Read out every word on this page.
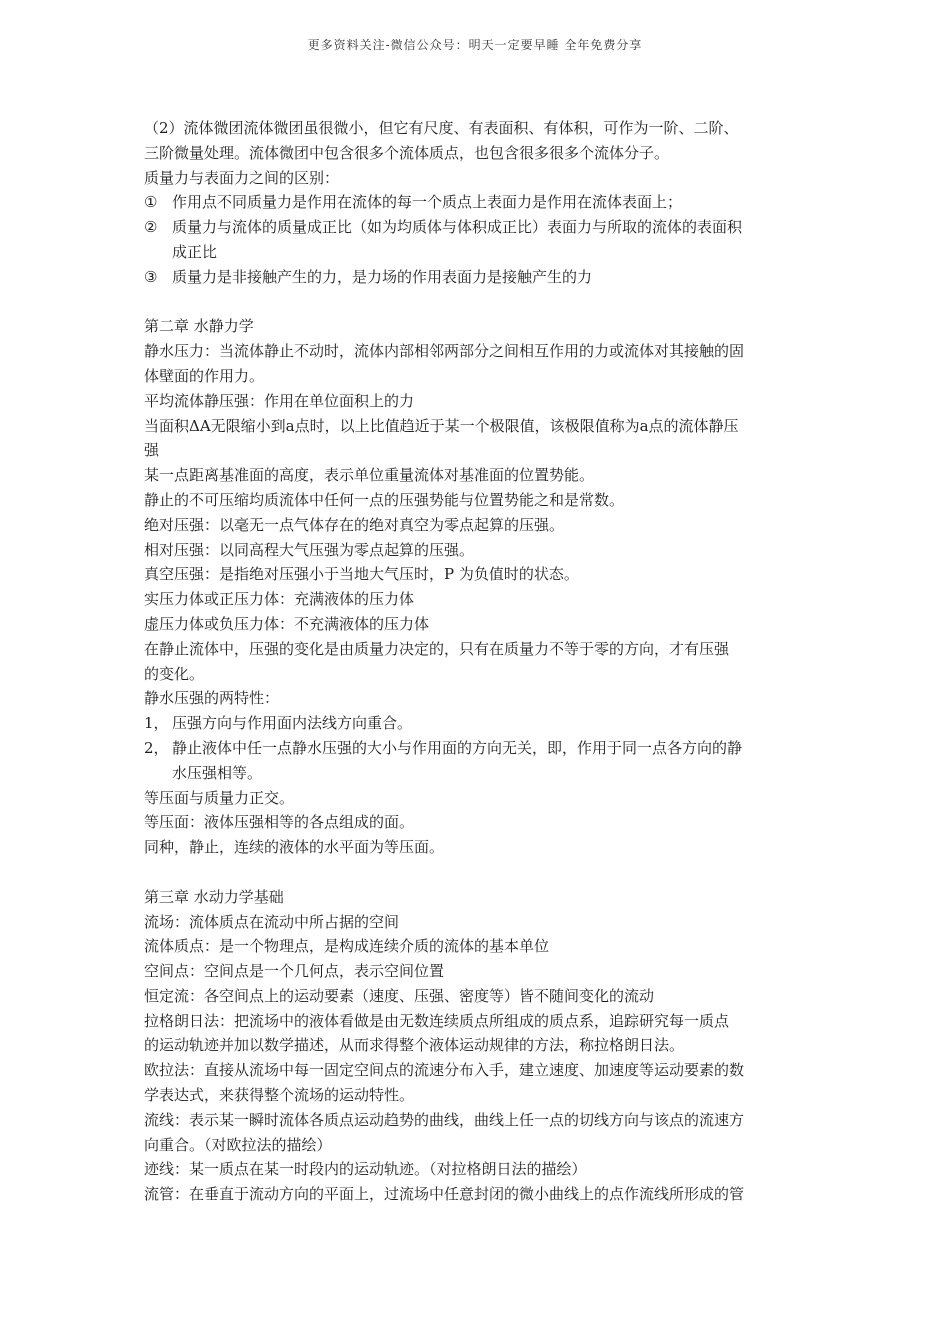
更多资料关注-微信公众号：明天一定要早睡 全年免费分享
（2）流体微团流体微团虽很微小，但它有尺度、有表面积、有体积，可作为一阶、二阶、
三阶微量处理。流体微团中包含很多个流体质点，也包含很多很多个流体分子。
质量力与表面力之间的区别：
① 作用点不同质量力是作用在流体的每一个质点上表面力是作用在流体表面上；
② 质量力与流体的质量成正比（如为均质体与体积成正比）表面力与所取的流体的表面积
成正比
③ 质量力是非接触产生的力，是力场的作用表面力是接触产生的力
第二章 水静力学
静水压力：当流体静止不动时，流体内部相邻两部分之间相互作用的力或流体对其接触的固
体壁面的作用力。
平均流体静压强：作用在单位面积上的力
当面积ΔA无限缩小到a点时，以上比值趋近于某一个极限值，该极限值称为a点的流体静压
强
某一点距离基准面的高度，表示单位重量流体对基准面的位置势能。
静止的不可压缩均质流体中任何一点的压强势能与位置势能之和是常数。
绝对压强：以毫无一点气体存在的绝对真空为零点起算的压强。
相对压强：以同高程大气压强为零点起算的压强。
真空压强：是指绝对压强小于当地大气压时，P 为负值时的状态。
实压力体或正压力体：充满液体的压力体
虚压力体或负压力体：不充满液体的压力体
在静止流体中，压强的变化是由质量力决定的，只有在质量力不等于零的方向，才有压强
的变化。
静水压强的两特性：
1， 压强方向与作用面内法线方向重合。
2， 静止液体中任一点静水压强的大小与作用面的方向无关，即，作用于同一点各方向的静
水压强相等。
等压面与质量力正交。
等压面：液体压强相等的各点组成的面。
同种，静止，连续的液体的水平面为等压面。
第三章 水动力学基础
流场：流体质点在流动中所占据的空间
流体质点：是一个物理点，是构成连续介质的流体的基本单位
空间点：空间点是一个几何点，表示空间位置
恒定流：各空间点上的运动要素（速度、压强、密度等）皆不随间变化的流动
拉格朗日法：把流场中的液体看做是由无数连续质点所组成的质点系，追踪研究每一质点
的运动轨迹并加以数学描述，从而求得整个液体运动规律的方法，称拉格朗日法。
欧拉法：直接从流场中每一固定空间点的流速分布入手，建立速度、加速度等运动要素的数
学表达式，来获得整个流场的运动特性。
流线：表示某一瞬时流体各质点运动趋势的曲线，曲线上任一点的切线方向与该点的流速方
向重合。（对欧拉法的描绘）
迹线：某一质点在某一时段内的运动轨迹。（对拉格朗日法的描绘）
流管：在垂直于流动方向的平面上，过流场中任意封闭的微小曲线上的点作流线所形成的管
